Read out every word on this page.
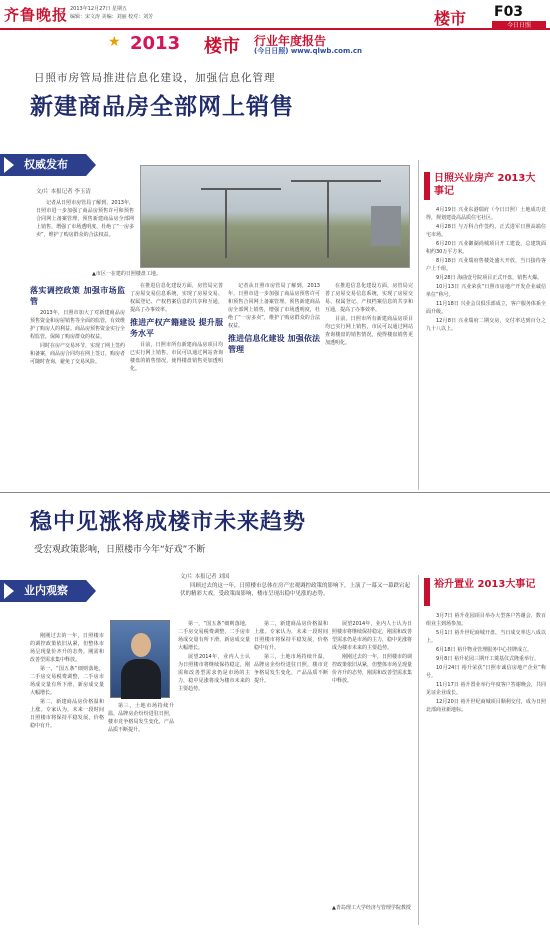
齐鲁晚报 2013年12月27日 星期五
编辑：宋文涛 美编：刘丽 校对：刘芳	楼市 F03
今日日照
★ 2013 楼市 行业年度报告
(今日日照) www.qlwb.com.cn
日照市房管局推进信息化建设，加强信息化管理
新建商品房全部网上销售
权威发布
文/片 本报记者 李玉清

记者从日照市房管局了解到，2013年，日照市进一步加强了商品房预售许可和预售合同网上备案管理，预售新建商品房全部网上销售，增强了市场透明度，杜绝了“一房多卖”，维护了购房群众的合法权益。

▲市区一在建的日照楼盘工地。
落实调控政策 加强市场监管

2013年，日照市加大了对新建商品房预售资金和房屋销售等全面的监管，有效维护了购房人的利益。商品房预售资金实行全程监管，保障了购房群众的权益。

同时在房产交易环节，实现了网上签约和备案，商品房合同均在网上签订，购房者可随时查询，避免了交易风险。

在推进信息化建设方面，房管局完善了房屋交易信息系统，实现了房屋交易、权属登记、产权档案信息的共享和互通，提高了办事效率。

推进产权产籍建设 提升服务水平

目前，日照市所有新建商品房项目均已实行网上销售，市民可以通过网站查询楼盘的销售情况，使得楼盘销售更加透明化。

记者从日照市房管局了解到，2013年，日照市进一步加强了商品房预售许可和预售合同网上备案管理，预售新建商品房全部网上销售，增强了市场透明度，杜绝了“一房多卖”，维护了购房群众的合法权益。

推进信息化建设 加强依法管理

在推进信息化建设方面，房管局完善了房屋交易信息系统，实现了房屋交易、权属登记、产权档案信息的共享和互通，提高了办事效率。

目前，日照市所有新建商品房项目均已实行网上销售，市民可以通过网站查询楼盘的销售情况，使得楼盘销售更加透明化。

日照兴业房产 2013大事记

4月19日 兴业东港瑞府（今日日照）土地成功竞得，规划建设高品质住宅社区。

4月28日 与万科合作签约，正式进军日照高端住宅市场。

6月20日 兴业御湖尚城项目开工建设，总建筑面积约30万平方米。

8月18日 兴业瑞府售楼处盛大开放，当日接待客户上千组。

9月28日 海曲壹号院项目正式开盘，销售火爆。

10月13日 兴业荣获“日照市房地产开发企业诚信单位”称号。

11月18日 兴业会员俱乐部成立，客户服务体系全面升级。

12月8日 兴业瑞府二期交房，交付率达到百分之九十八以上。

稳中见涨将成楼市未来趋势
受宏观政策影响，日照楼市今年“好戏”不断
业内观察
文/片 本报记者 刘国

回顾过去的这一年，日照楼市总体在房产宏观调控政策的影响下，上演了一幕又一幕跌宕起伏的精彩大戏。受政策面影响，楼市呈现出稳中见涨的态势。

刚刚过去的一年，日照楼市的调控政策依旧从紧，但整体市场呈现量价齐升的态势，刚需和改善型需求集中释放。

第一，“国五条”细则落地，二手房交易税费调整，二手房市场成交量有所下滑，新房成交量大幅增长。

第二，新建商品房价格温和上涨。专家认为，未来一段时间日照楼市将保持平稳发展，价格稳中有升。

第三，土地市场持续升温，品牌房企纷纷进驻日照，楼市竞争格局发生变化，产品品质不断提升。

第一，“国五条”细则落地，二手房交易税费调整，二手房市场成交量有所下滑，新房成交量大幅增长。

展望2014年，业内人士认为日照楼市将继续保持稳定，刚需和改善型需求仍是市场的主力，稳中见涨将成为楼市未来的主要趋势。

第二，新建商品房价格温和上涨。专家认为，未来一段时间日照楼市将保持平稳发展，价格稳中有升。

第三，土地市场持续升温，品牌房企纷纷进驻日照，楼市竞争格局发生变化，产品品质不断提升。

展望2014年，业内人士认为日照楼市将继续保持稳定，刚需和改善型需求仍是市场的主力，稳中见涨将成为楼市未来的主要趋势。

刚刚过去的一年，日照楼市的调控政策依旧从紧，但整体市场呈现量价齐升的态势，刚需和改善型需求集中释放。

▲青岛理工大学经济与管理学院教授
裕升置业 2013大事记

3月7日 裕升花园项目举办大型客户答谢会，数百组业主到场参加。

5月1日 裕升世纪商城开盘，当日成交率达八成以上。

6月18日 裕升物业管理服务中心挂牌成立。

9月8日 裕升花园三期开工奠基仪式隆重举行。

10月24日 裕升荣获“日照市诚信房地产企业”称号。

11月17日 裕升置业举行年度客户答谢晚会，共同见证企业成长。

12月20日 裕升世纪商城项目顺利交付，成为日照北部商业新地标。
